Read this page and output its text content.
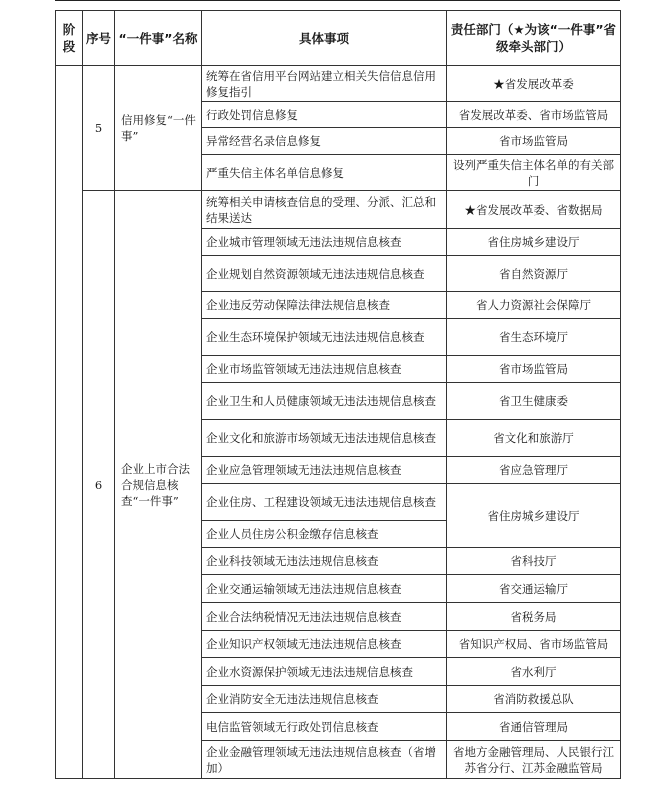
阶段	序号	“一件事”名称	具体事项	责任部门（★为该“一件事”省级牵头部门）
	5	信用修复“一件事”	统筹在省信用平台网站建立相关失信信息信用修复指引	★省发展改革委
			行政处罚信息修复	省发展改革委、省市场监管局
			异常经营名录信息修复	省市场监管局
			严重失信主体名单信息修复	设列严重失信主体名单的有关部门
	6	企业上市合法合规信息核查“一件事”	统筹相关申请核查信息的受理、分派、汇总和结果送达	★省发展改革委、省数据局
			企业城市管理领域无违法违规信息核查	省住房城乡建设厅
			企业规划自然资源领域无违法违规信息核查	省自然资源厅
			企业违反劳动保障法律法规信息核查	省人力资源社会保障厅
			企业生态环境保护领域无违法违规信息核查	省生态环境厅
			企业市场监管领域无违法违规信息核查	省市场监管局
			企业卫生和人员健康领域无违法违规信息核查	省卫生健康委
			企业文化和旅游市场领域无违法违规信息核查	省文化和旅游厅
			企业应急管理领域无违法违规信息核查	省应急管理厅
			企业住房、工程建设领域无违法违规信息核查	省住房城乡建设厅
			企业人员住房公积金缴存信息核查	
			企业科技领域无违法违规信息核查	省科技厅
			企业交通运输领域无违法违规信息核查	省交通运输厅
			企业合法纳税情况无违法违规信息核查	省税务局
			企业知识产权领域无违法违规信息核查	省知识产权局、省市场监管局
			企业水资源保护领域无违法违规信息核查	省水利厅
			企业消防安全无违法违规信息核查	省消防救援总队
			电信监管领域无行政处罚信息核查	省通信管理局
			企业金融管理领域无违法违规信息核查（省增加）	省地方金融管理局、人民银行江苏省分行、江苏金融监管局
